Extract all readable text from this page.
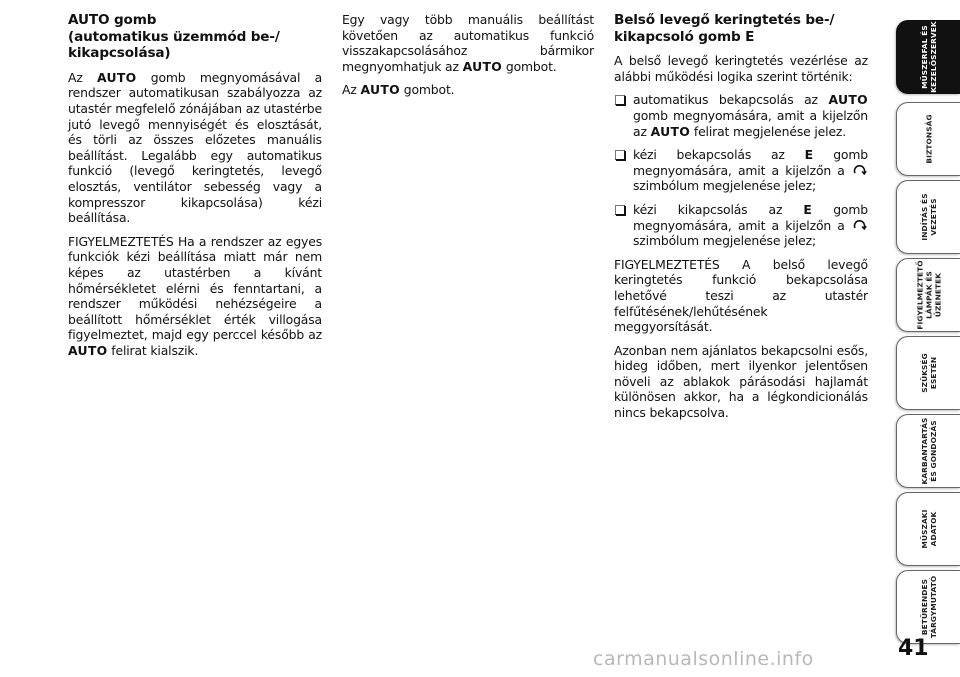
AUTO gomb
(automatikus üzemmód be-/
kikapcsolása)

Az AUTO gomb megnyomásával a rendszer automatikusan szabályozza az utastér megfelelő zónájában az utastérbe jutó levegő mennyiségét és elosztását, és törli az összes előzetes manuális beállítást. Legalább egy automatikus funkció (levegő keringtetés, levegő elosztás, ventilátor sebesség vagy a kompresszor kikapcsolása) kézi beállítása.

FIGYELMEZTETÉS Ha a rendszer az egyes funkciók kézi beállítása miatt már nem képes az utastérben a kívánt hőmérsékletet elérni és fenntartani, a rendszer működési nehézségeire a beállított hőmérséklet érték villogása figyelmeztet, majd egy perccel később az AUTO felirat kialszik.

Egy vagy több manuális beállítást követően az automatikus funkció visszakapcsolásához bármikor megnyomhatjuk az AUTO gombot.

Az AUTO gombot.

Belső levegő keringtetés be-/
kikapcsoló gomb E

A belső levegő keringtetés vezérlése az alábbi működési logika szerint történik:

automatikus bekapcsolás az AUTO gomb megnyomására, amit a kijelzőn az AUTO felirat megjelenése jelez.
kézi bekapcsolás az E gomb megnyomására, amit a kijelzőn a  szimbólum megjelenése jelez;
kézi kikapcsolás az E gomb megnyomására, amit a kijelzőn a  szimbólum megjelenése jelez;

FIGYELMEZTETÉS A belső levegő keringtetés funkció bekapcsolása lehetővé teszi az utastér felfűtésének/lehűtésének meggyorsítását.

Azonban nem ajánlatos bekapcsolni esős, hideg időben, mert ilyenkor jelentősen növeli az ablakok párásodási hajlamát különösen akkor, ha a légkondicionálás nincs bekapcsolva.

MŰSZERFAL ÉS
KEZELŐSZERVEK
BIZTONSÁG
INDÍTÁS ÉS
VEZETÉS
FIGYELMEZTETŐ
LÁMPÁK ÉS
ÜZENETEK
SZÜKSÉG
ESETÉN
KARBANTARTÁS
ÉS GONDOZÁS
MŰSZAKI
ADATOK
BETŰRENDES
TÁRGYMUTATÓ
41
carmanualsonline.info
